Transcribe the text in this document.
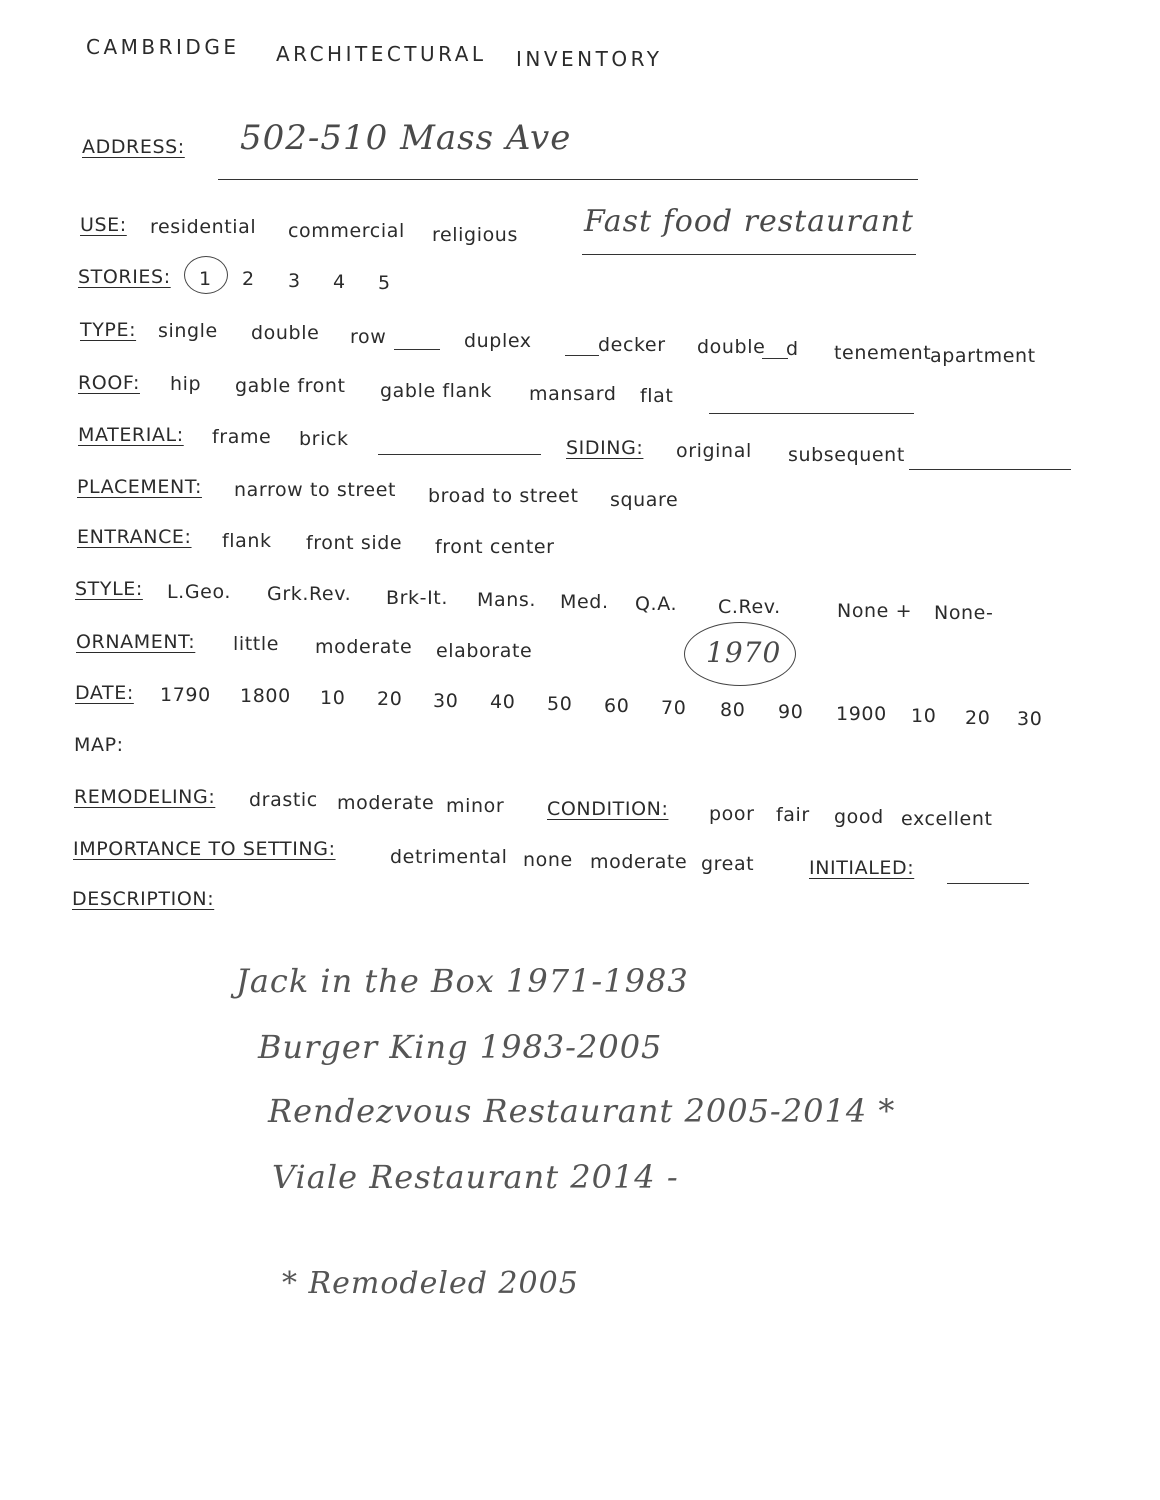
CAMBRIDGE ARCHITECTURAL INVENTORY
ADDRESS: 502-510 Mass Ave
USE: residential commercial religious Fast food restaurant
STORIES: 1 2 3 4 5
TYPE: single double row	duplex	decker double d tenement
apartment
ROOF: hip gable front gable flank mansard flat
MATERIAL: frame brick	SIDING: original subsequent
PLACEMENT: narrow to street broad to street square
ENTRANCE: flank front side front center
STYLE: L.Geo. Grk.Rev. Brk-It. Mans. Med. Q.A. C.Rev.	None + None-
ORNAMENT: little moderate elaborate	1970
DATE: 1790 1800 10 20 30 40 50 60 70 80 90 1900 10 20 30
MAP:
REMODELING: drastic moderate minor CONDITION: poor fair good excellent
IMPORTANCE TO SETTING:	detrimental none moderate great	INITIALED:
DESCRIPTION:
Jack in the Box 1971-1983
Burger King 1983-2005
Rendezvous Restaurant 2005-2014 *
Viale Restaurant 2014 -
* Remodeled 2005
